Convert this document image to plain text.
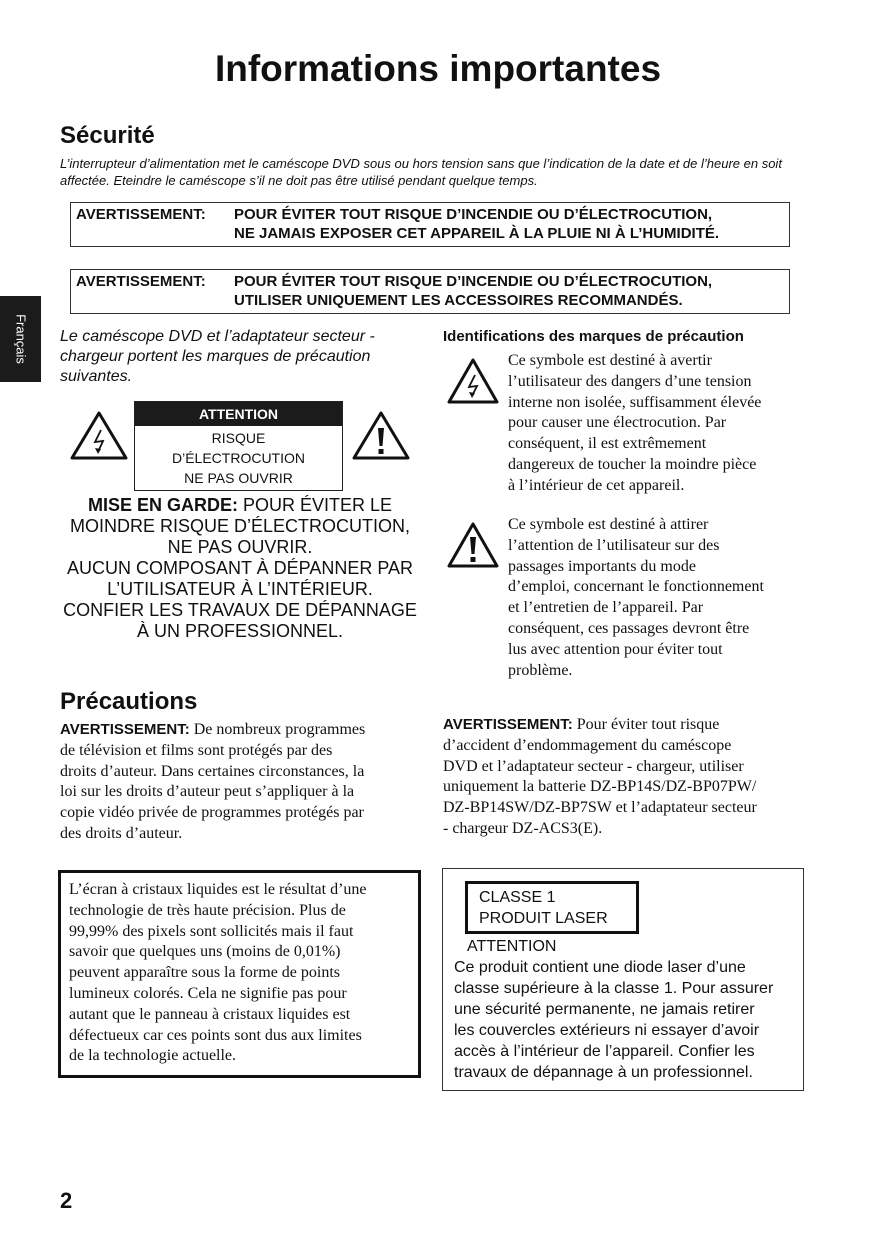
Informations importantes
Français
Sécurité
L’interrupteur d’alimentation met le caméscope DVD sous ou hors tension sans que l’indication de la date et de l’heure en soit affectée. Eteindre le caméscope s’il ne doit pas être utilisé pendant quelque temps.
AVERTISSEMENT: POUR ÉVITER TOUT RISQUE D’INCENDIE OU D’ÉLECTROCUTION,
NE JAMAIS EXPOSER CET APPAREIL À LA PLUIE NI À L’HUMIDITÉ.
AVERTISSEMENT: POUR ÉVITER TOUT RISQUE D’INCENDIE OU D’ÉLECTROCUTION,
UTILISER UNIQUEMENT LES ACCESSOIRES RECOMMANDÉS.
Le caméscope DVD et l’adaptateur secteur - chargeur portent les marques de précaution suivantes.
ATTENTION
RISQUE
D’ÉLECTROCUTION
NE PAS OUVRIR
MISE EN GARDE: POUR ÉVITER LE
MOINDRE RISQUE D’ÉLECTROCUTION,
NE PAS OUVRIR.
AUCUN COMPOSANT À DÉPANNER PAR
L’UTILISATEUR À L’INTÉRIEUR.
CONFIER LES TRAVAUX DE DÉPANNAGE
À UN PROFESSIONNEL.
Identifications des marques de précaution
Ce symbole est destiné à avertir
l’utilisateur des dangers d’une tension
interne non isolée, suffisamment élevée
pour causer une électrocution. Par
conséquent, il est extrêmement
dangereux de toucher la moindre pièce
à l’intérieur de cet appareil.
Ce symbole est destiné à attirer
l’attention de l’utilisateur sur des
passages importants du mode
d’emploi, concernant le fonctionnement
et l’entretien de l’appareil. Par
conséquent, ces passages devront être
lus avec attention pour éviter tout
problème.
Précautions
AVERTISSEMENT: De nombreux programmes
de télévision et films sont protégés par des
droits d’auteur. Dans certaines circonstances, la
loi sur les droits d’auteur peut s’appliquer à la
copie vidéo privée de programmes protégés par
des droits d’auteur.
AVERTISSEMENT: Pour éviter tout risque
d’accident d’endommagement du caméscope
DVD et l’adaptateur secteur - chargeur, utiliser
uniquement la batterie DZ-BP14S/DZ-BP07PW/
DZ-BP14SW/DZ-BP7SW et l’adaptateur secteur
- chargeur DZ-ACS3(E).
L’écran à cristaux liquides est le résultat d’une
technologie de très haute précision. Plus de
99,99% des pixels sont sollicités mais il faut
savoir que quelques uns (moins de 0,01%)
peuvent apparaître sous la forme de points
lumineux colorés. Cela ne signifie pas pour
autant que le panneau à cristaux liquides est
défectueux car ces points sont dus aux limites
de la technologie actuelle.
CLASSE 1
PRODUIT LASER
ATTENTION
Ce produit contient une diode laser d’une
classe supérieure à la classe 1. Pour assurer
une sécurité permanente, ne jamais retirer
les couvercles extérieurs ni essayer d’avoir
accès à l’intérieur de l’appareil. Confier les
travaux de dépannage à un professionnel.
2
